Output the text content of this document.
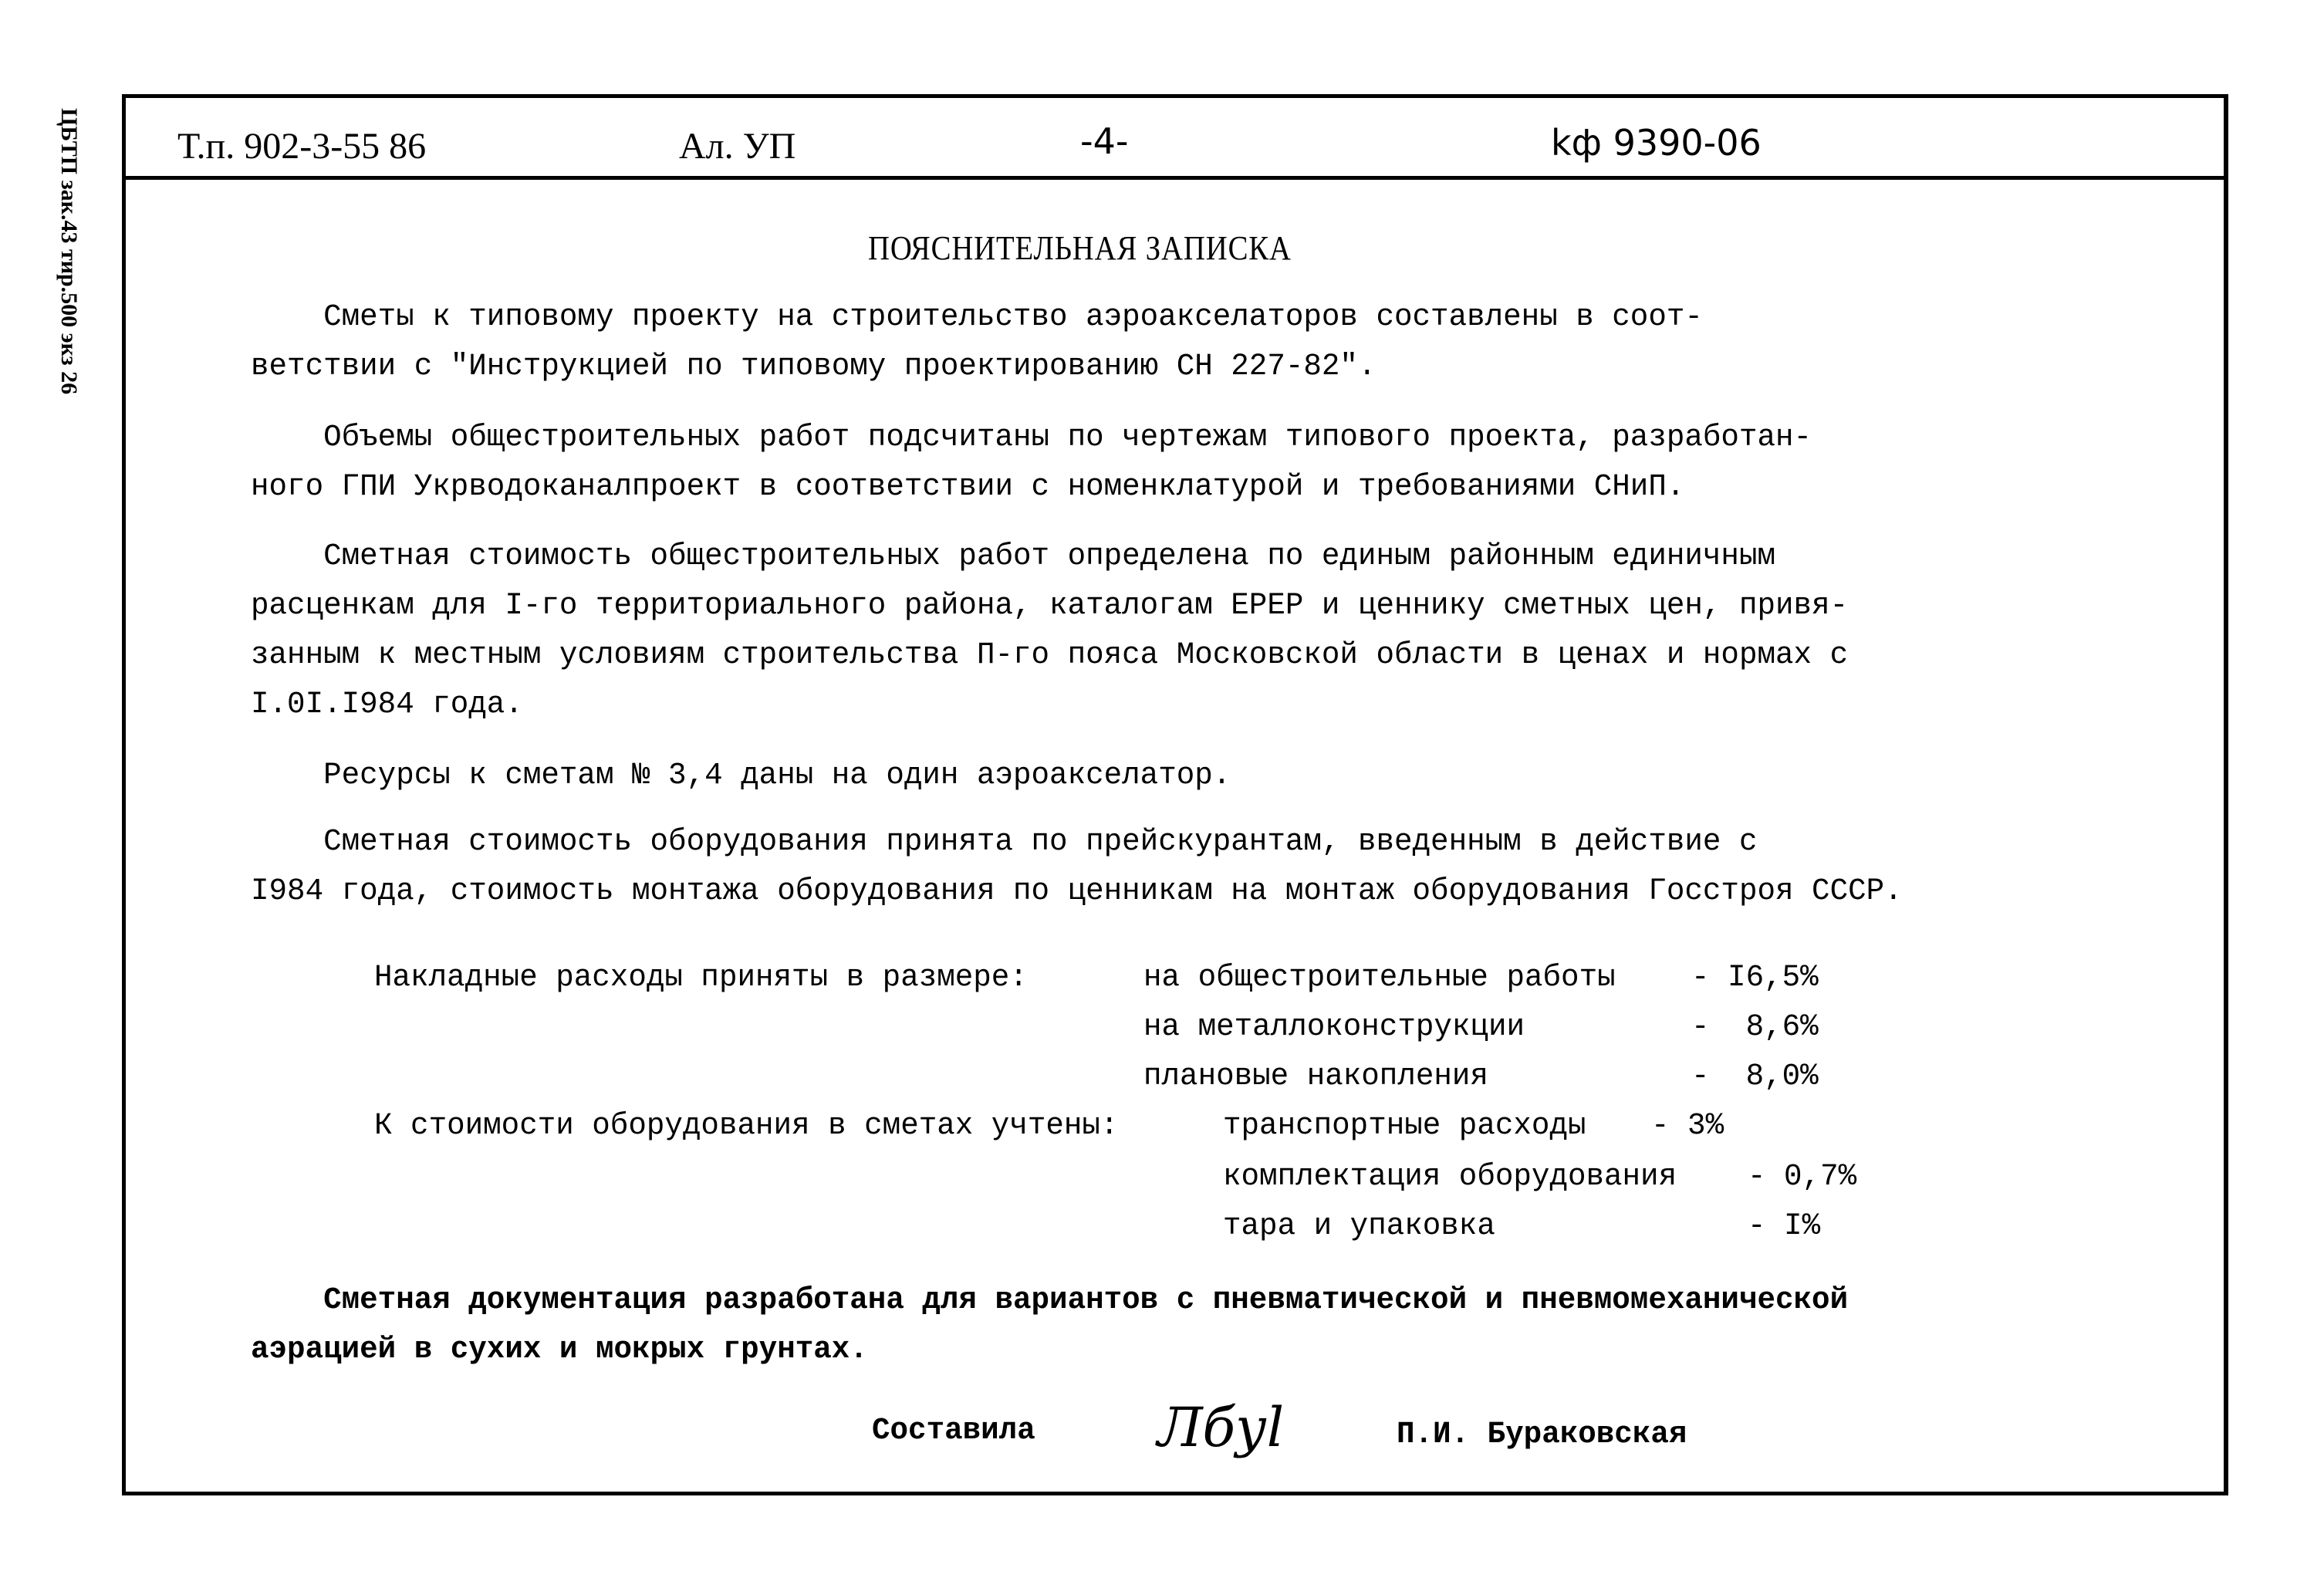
ЦБТП зак.43 тир.500 экз 26	Т.п. 902-3-55 86	Ал. УП	-4-	kф 9390-06
ПОЯСНИТЕЛЬНАЯ ЗАПИСКА
Сметы к типовому проекту на строительство аэроакселаторов составлены в соот-
ветствии с "Инструкцией по типовому проектированию СН 227-82".
Объемы общестроительных работ подсчитаны по чертежам типового проекта, разработан-
ного ГПИ Укрводоканалпроект в соответствии с номенклатурой и требованиями СНиП.
Сметная стоимость общестроительных работ определена по единым районным единичным
расценкам для I-го территориального района, каталогам ЕРЕР и ценнику сметных цен, привя-
занным к местным условиям строительства П-го пояса Московской области в ценах и нормах с
I.0I.I984 года.
Ресурсы к сметам № 3,4 даны на один аэроакселатор.
Сметная стоимость оборудования принята по прейскурантам, введенным в действие с
I984 года, стоимость монтажа оборудования по ценникам на монтаж оборудования Госстроя СССР.
Накладные расходы приняты в размере:	на общестроительные работы - I6,5%
на металлоконструкции	-  8,6%
плановые накопления	-  8,0%
К стоимости оборудования в сметах учтены:	транспортные расходы - 3%
комплектация оборудования - 0,7%
тара и упаковка	- I%
Сметная документация разработана для вариантов с пневматической и пневмомеханической
аэрацией в сухих и мокрых грунтах.
Составила Лбуl	П.И. Бураковская
